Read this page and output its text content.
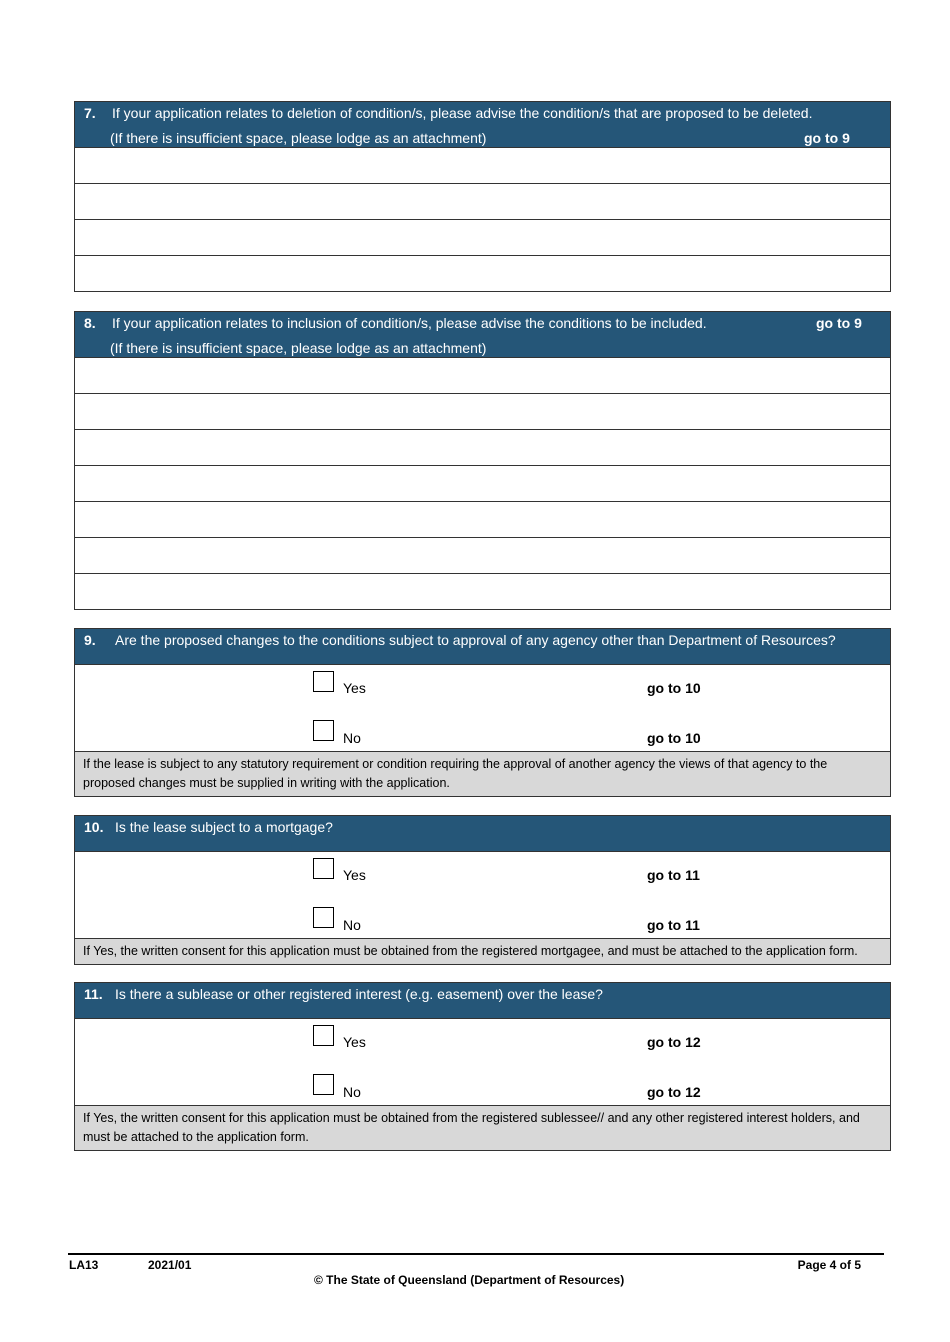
7. If your application relates to deletion of condition/s, please advise the condition/s that are proposed to be deleted.
(If there is insufficient space, please lodge as an attachment)	go to 9
8. If your application relates to inclusion of condition/s, please advise the conditions to be included.	go to 9
(If there is insufficient space, please lodge as an attachment)
9. Are the proposed changes to the conditions subject to approval of any agency other than Department of Resources?
Yes	go to 10
No	go to 10
If the lease is subject to any statutory requirement or condition requiring the approval of another agency the views of that agency to the proposed changes must be supplied in writing with the application.
10. Is the lease subject to a mortgage?
Yes	go to 11
No	go to 11
If Yes, the written consent for this application must be obtained from the registered mortgagee, and must be attached to the application form.
11. Is there a sublease or other registered interest (e.g. easement) over the lease?
Yes	go to 12
No	go to 12
If Yes, the written consent for this application must be obtained from the registered sublessee// and any other registered interest holders, and must be attached to the application form.
LA13	2021/01	Page 4 of 5
© The State of Queensland (Department of Resources)
